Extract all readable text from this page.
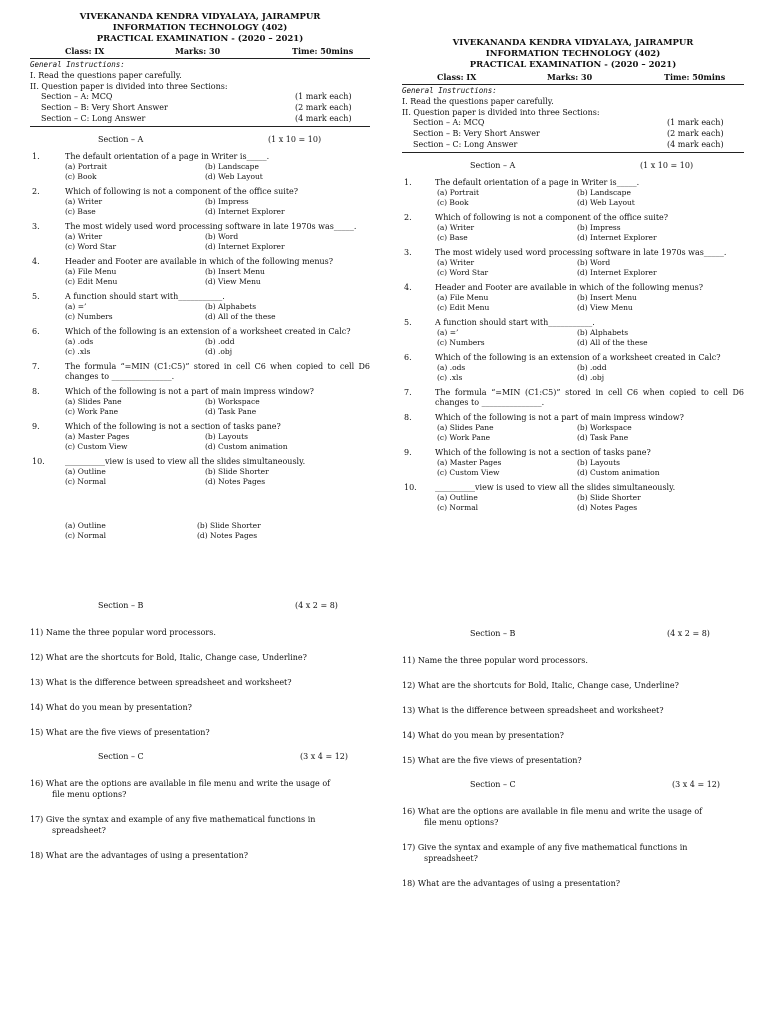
VIVEKANANDA KENDRA VIDYALAYA, JAIRAMPUR
INFORMATION TECHNOLOGY (402)
PRACTICAL EXAMINATION - (2020 – 2021)
Class: IX	Marks: 30	Time: 50mins
General Instructions:
I. Read the questions paper carefully.
II. Question paper is divided into three Sections:
Section – A: MCQ	(1 mark each)
Section – B: Very Short Answer	(2 mark each)
Section – C: Long Answer	(4 mark each)
Section – A	(1 x 10 = 10)
1.	The default orientation of a page in Writer is_____.
(a) Portrait	(b) Landscape
(c) Book	(d) Web Layout
2.	Which of following is not a component of the office suite?
(a) Writer	(b) Impress
(c) Base	(d) Internet Explorer
3.	The most widely used word processing software in late 1970s was_____.
(a) Writer	(b) Word
(c) Word Star	(d) Internet Explorer
4.	Header and Footer are available in which of the following menus?
(a) File Menu	(b) Insert Menu
(c) Edit Menu	(d) View Menu
5.	A function should start with___________.
(a) =’	(b) Alphabets
(c) Numbers	(d) All of the these
6.	Which of the following is an extension of a worksheet created in Calc?
(a) .ods	(b) .odd
(c) .xls	(d) .obj
7.	The formula “=MIN (C1:C5)” stored in cell C6 when copied to cell D6 changes to _______________.
8.	Which of the following is not a part of main impress window?
(a) Slides Pane	(b) Workspace
(c) Work Pane	(d) Task Pane
9.	Which of the following is not a section of tasks pane?
(a) Master Pages	(b) Layouts
(c) Custom View	(d) Custom animation
10.	__________view is used to view all the slides simultaneously.
(a) Outline	(b) Slide Shorter
(c) Normal	(d) Notes Pages
(a) Outline	(b) Slide Shorter
(c) Normal	(d) Notes Pages
Section – B	(4 x 2 = 8)
11) Name the three popular word processors.
12) What are the shortcuts for Bold, Italic, Change case, Underline?
13) What is the difference between spreadsheet and worksheet?
14) What do you mean by presentation?
15) What are the five views of presentation?
Section – C	(3 x 4 = 12)
16) What are the options are available in file menu and write the usage of
file menu options?
17) Give the syntax and example of any five mathematical functions in
spreadsheet?
18) What are the advantages of using a presentation?
VIVEKANANDA KENDRA VIDYALAYA, JAIRAMPUR
INFORMATION TECHNOLOGY (402)
PRACTICAL EXAMINATION - (2020 – 2021)
Class: IX	Marks: 30	Time: 50mins
General Instructions:
I. Read the questions paper carefully.
II. Question paper is divided into three Sections:
Section – A: MCQ	(1 mark each)
Section – B: Very Short Answer	(2 mark each)
Section – C: Long Answer	(4 mark each)
Section – A	(1 x 10 = 10)
1.	The default orientation of a page in Writer is_____.
(a) Portrait	(b) Landscape
(c) Book	(d) Web Layout
2.	Which of following is not a component of the office suite?
(a) Writer	(b) Impress
(c) Base	(d) Internet Explorer
3.	The most widely used word processing software in late 1970s was_____.
(a) Writer	(b) Word
(c) Word Star	(d) Internet Explorer
4.	Header and Footer are available in which of the following menus?
(a) File Menu	(b) Insert Menu
(c) Edit Menu	(d) View Menu
5.	A function should start with___________.
(a) =’	(b) Alphabets
(c) Numbers	(d) All of the these
6.	Which of the following is an extension of a worksheet created in Calc?
(a) .ods	(b) .odd
(c) .xls	(d) .obj
7.	The formula “=MIN (C1:C5)” stored in cell C6 when copied to cell D6 changes to _______________.
8.	Which of the following is not a part of main impress window?
(a) Slides Pane	(b) Workspace
(c) Work Pane	(d) Task Pane
9.	Which of the following is not a section of tasks pane?
(a) Master Pages	(b) Layouts
(c) Custom View	(d) Custom animation
10. __________view is used to view all the slides simultaneously.
(a) Outline	(b) Slide Shorter
(c) Normal	(d) Notes Pages
Section – B	(4 x 2 = 8)
11) Name the three popular word processors.
12) What are the shortcuts for Bold, Italic, Change case, Underline?
13) What is the difference between spreadsheet and worksheet?
14) What do you mean by presentation?
15) What are the five views of presentation?
Section – C	(3 x 4 = 12)
16) What are the options are available in file menu and write the usage of
file menu options?
17) Give the syntax and example of any five mathematical functions in
spreadsheet?
18) What are the advantages of using a presentation?
